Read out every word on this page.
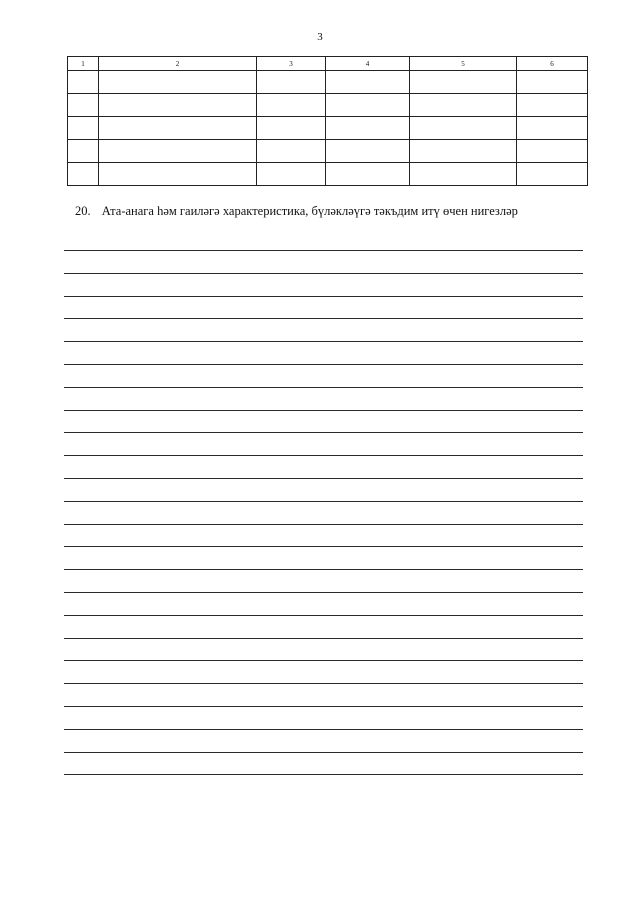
3
1	2	3	4	5	6

20. Ата-анага һәм гаиләгә характеристика, бүләкләүгә тәкъдим итү өчен нигезләр
